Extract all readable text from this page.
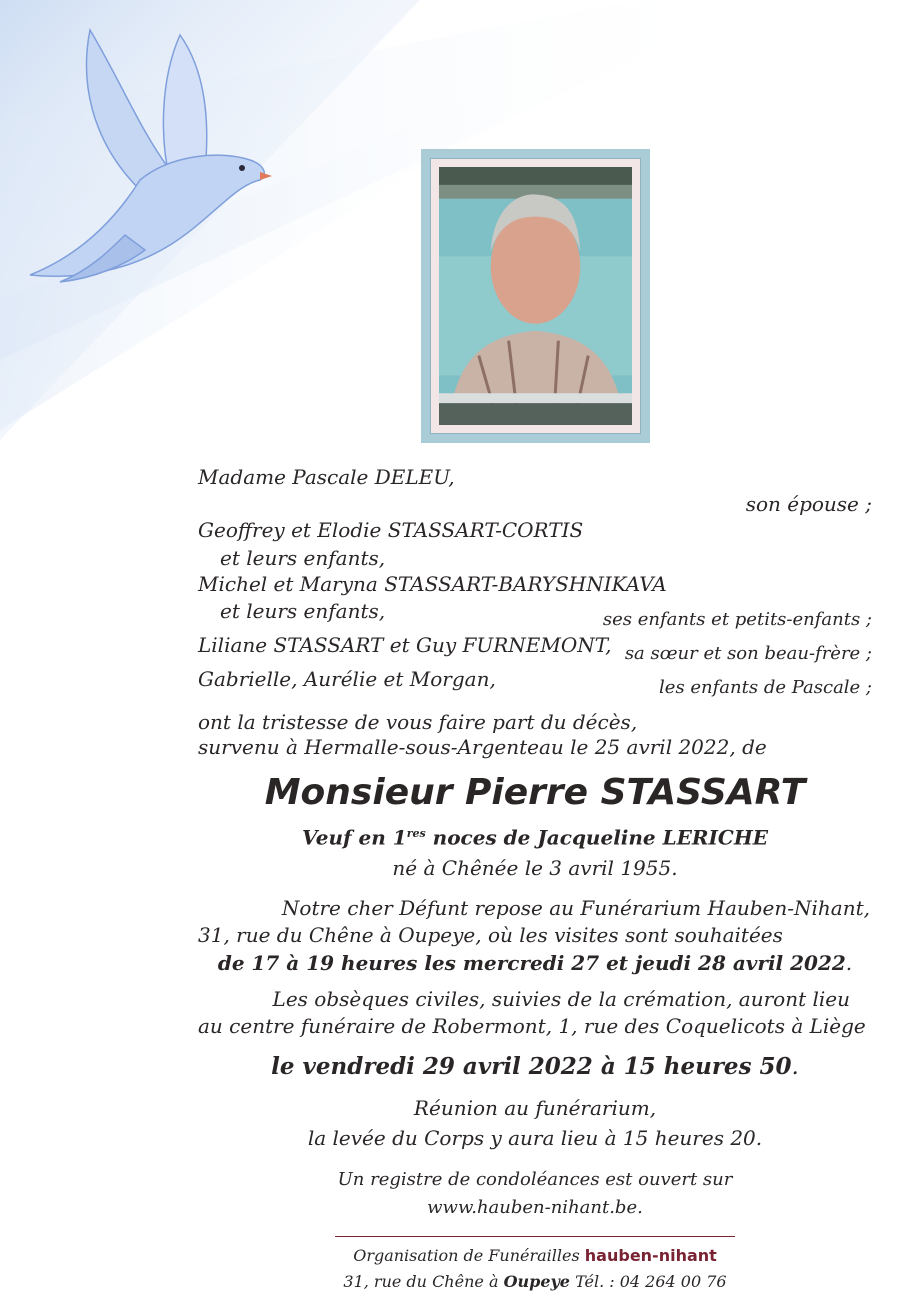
Madame Pascale DELEU,
son épouse ;
Geoffrey et Elodie STASSART-CORTIS
et leurs enfants,
Michel et Maryna STASSART-BARYSHNIKAVA
et leurs enfants,	ses enfants et petits-enfants ;
Liliane STASSART et Guy FURNEMONT, sa sœur et son beau-frère ;
Gabrielle, Aurélie et Morgan,	les enfants de Pascale ;
ont la tristesse de vous faire part du décès,
survenu à Hermalle-sous-Argenteau le 25 avril 2022, de
Monsieur Pierre STASSART
Veuf en 1res noces de Jacqueline LERICHE
né à Chênée le 3 avril 1955.
Notre cher Défunt repose au Funérarium Hauben-Nihant,
31, rue du Chêne à Oupeye, où les visites sont souhaitées
de 17 à 19 heures les mercredi 27 et jeudi 28 avril 2022.
Les obsèques civiles, suivies de la crémation, auront lieu
au centre funéraire de Robermont, 1, rue des Coquelicots à Liège
le vendredi 29 avril 2022 à 15 heures 50.
Réunion au funérarium,
la levée du Corps y aura lieu à 15 heures 20.
Un registre de condoléances est ouvert sur
www.hauben-nihant.be.
Organisation de Funérailles hauben-nihant
31, rue du Chêne à Oupeye Tél. : 04 264 00 76
